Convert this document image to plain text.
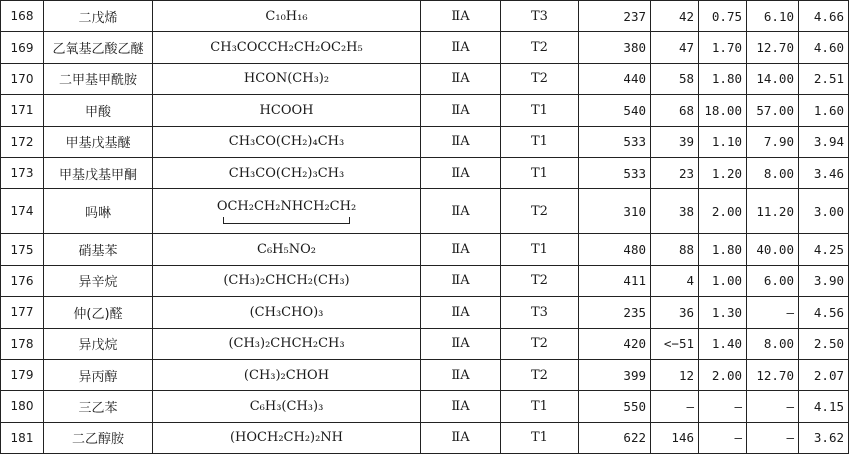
168	二戊烯	C₁₀H₁₆	ⅡA	T3	237	42	0.75	6.10	4.66
169	乙氧基乙酸乙醚	CH₃COCCH₂CH₂OC₂H₅	ⅡA	T2	380	47	1.70	12.70	4.60
170	二甲基甲酰胺	HCON(CH₃)₂	ⅡA	T2	440	58	1.80	14.00	2.51
171	甲酸	HCOOH	ⅡA	T1	540	68	18.00	57.00	1.60
172	甲基戊基醚	CH₃CO(CH₂)₄CH₃	ⅡA	T1	533	39	1.10	7.90	3.94
173	甲基戊基甲酮	CH₃CO(CH₂)₃CH₃	ⅡA	T1	533	23	1.20	8.00	3.46
174	吗啉	OCH₂CH₂NHCH₂CH₂	ⅡA	T2	310	38	2.00	11.20	3.00
175	硝基苯	C₆H₅NO₂	ⅡA	T1	480	88	1.80	40.00	4.25
176	异辛烷	(CH₃)₂CHCH₂(CH₃)	ⅡA	T2	411	4	1.00	6.00	3.90
177	仲(乙)醛	(CH₃CHO)₃	ⅡA	T3	235	36	1.30	—	4.56
178	异戊烷	(CH₃)₂CHCH₂CH₃	ⅡA	T2	420	<−51	1.40	8.00	2.50
179	异丙醇	(CH₃)₂CHOH	ⅡA	T2	399	12	2.00	12.70	2.07
180	三乙苯	C₆H₃(CH₃)₃	ⅡA	T1	550	—	—	—	4.15
181	二乙醇胺	(HOCH₂CH₂)₂NH	ⅡA	T1	622	146	—	—	3.62
